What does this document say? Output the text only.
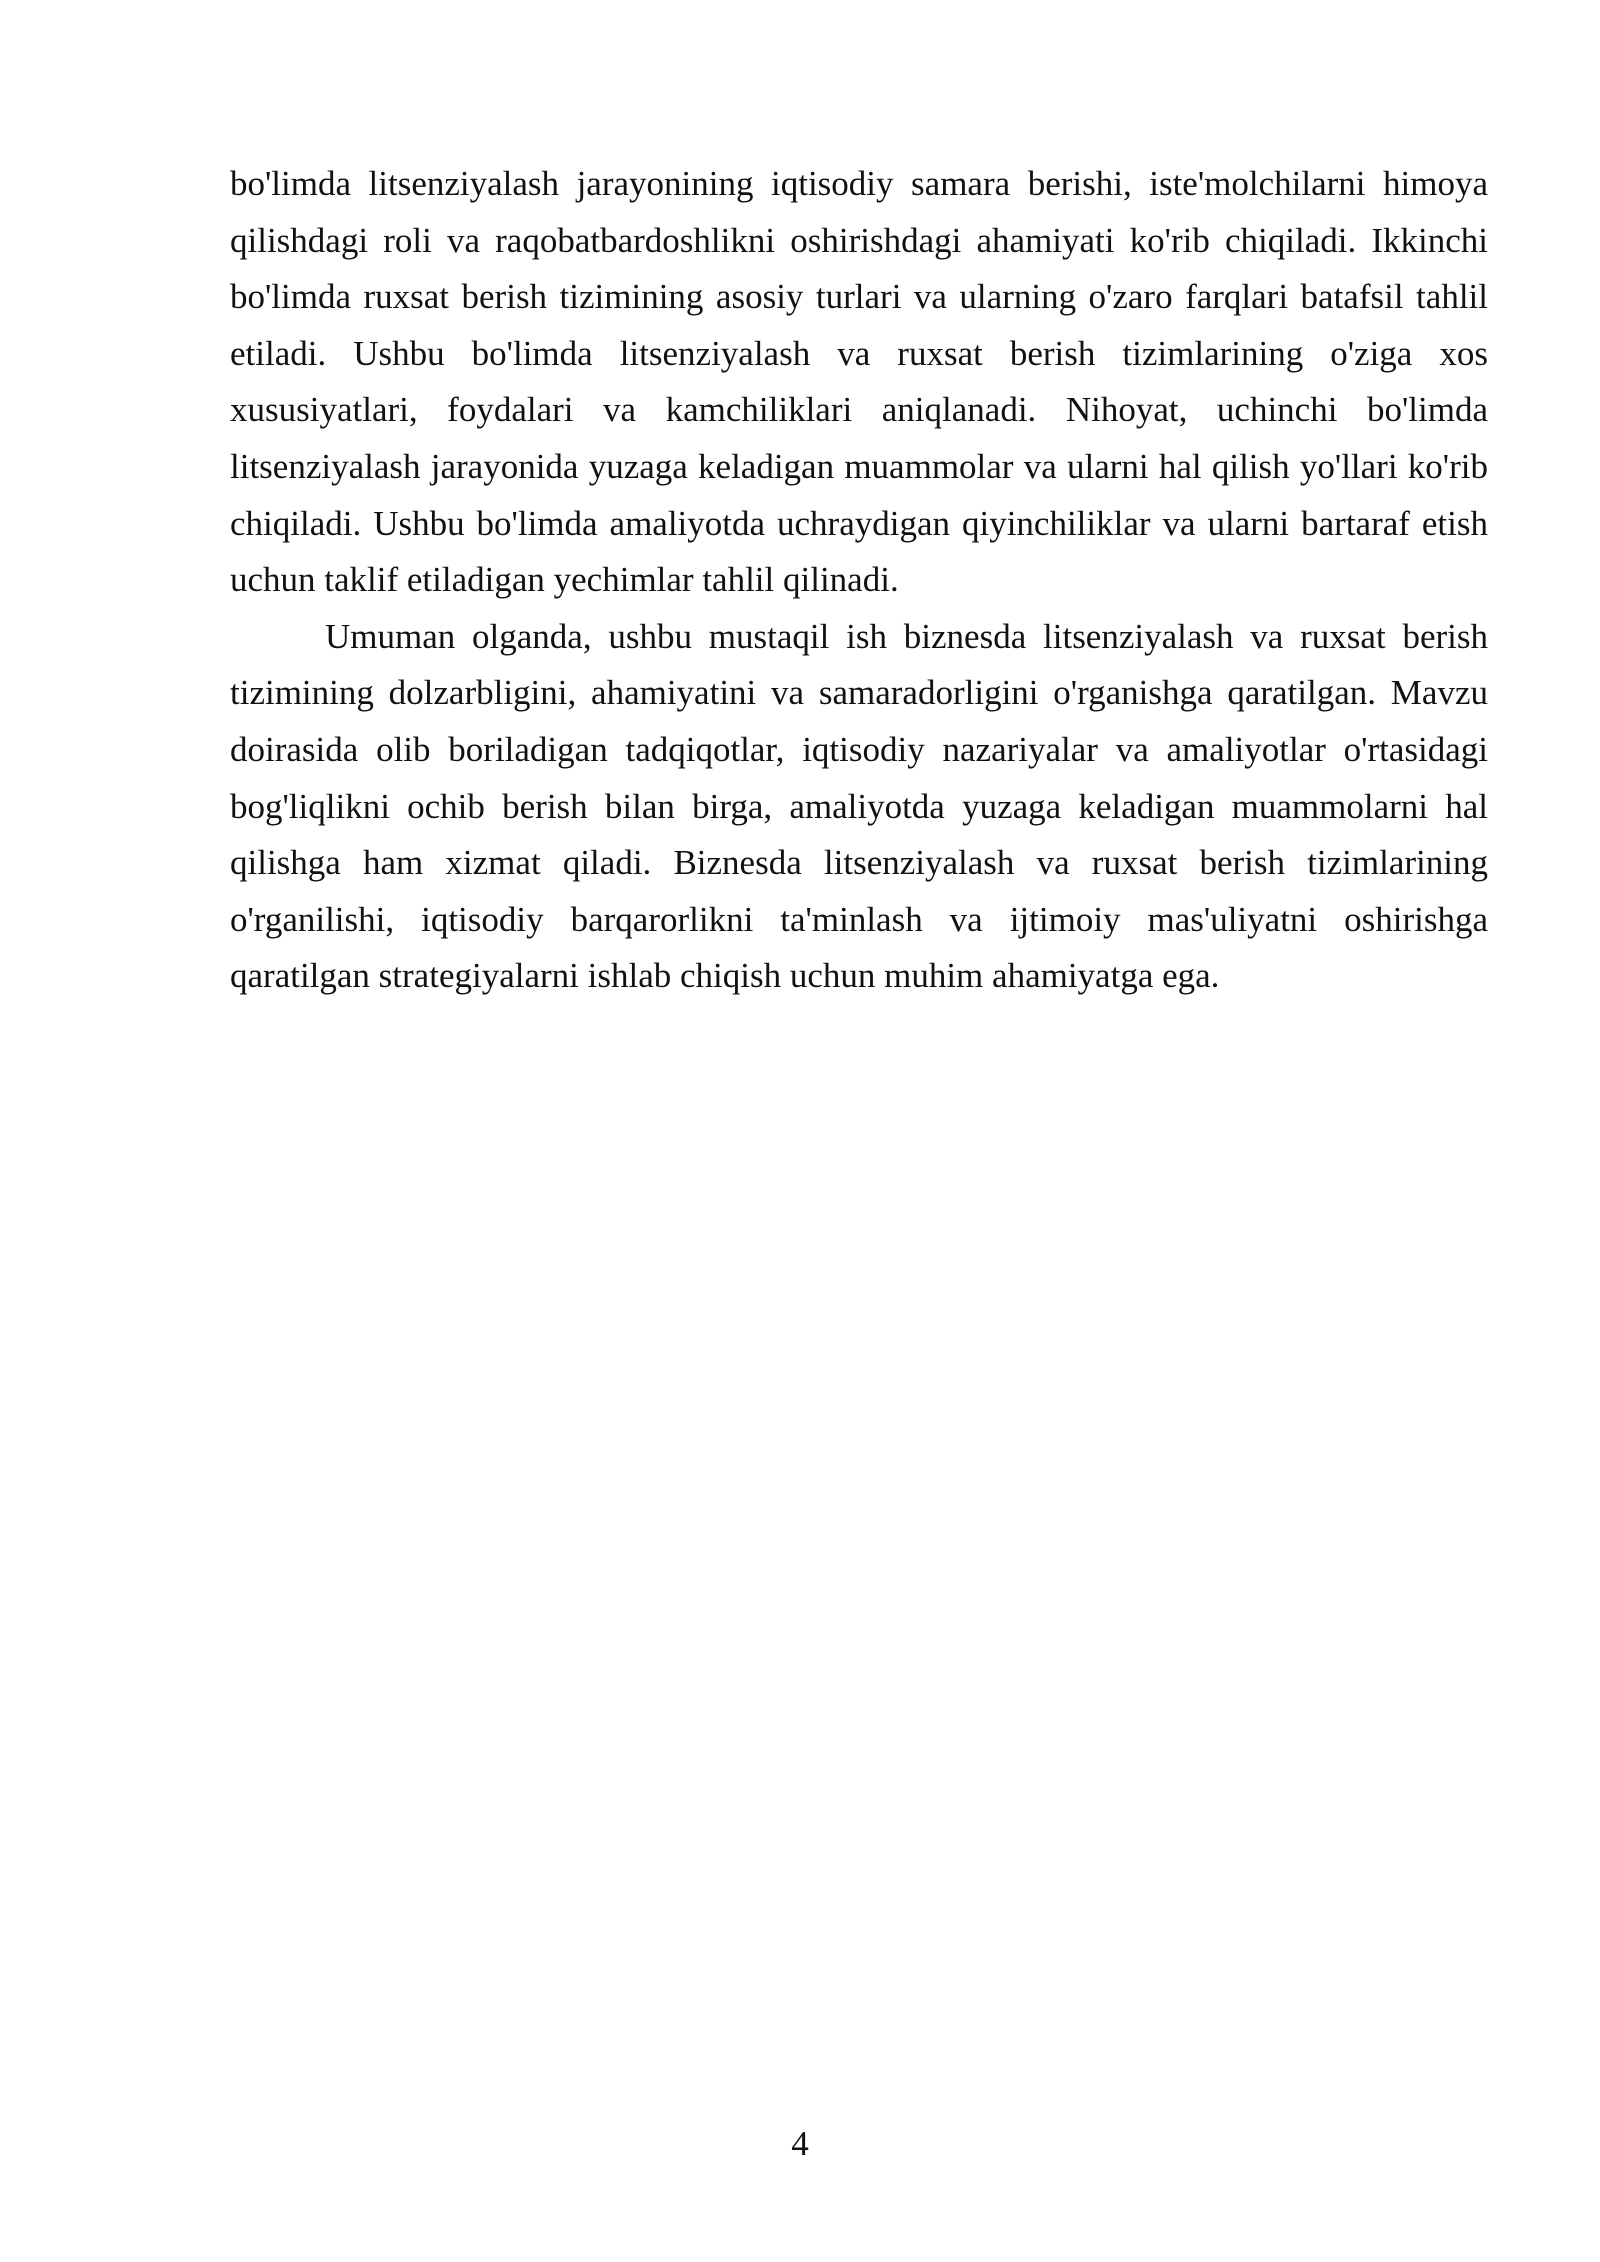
bo'limda litsenziyalash jarayonining iqtisodiy samara berishi, iste'molchilarni himoya qilishdagi roli va raqobatbardoshlikni oshirishdagi ahamiyati ko'rib chiqiladi. Ikkinchi bo'limda ruxsat berish tizimining asosiy turlari va ularning o'zaro farqlari batafsil tahlil etiladi. Ushbu bo'limda litsenziyalash va ruxsat berish tizimlarining o'ziga xos xususiyatlari, foydalari va kamchiliklari aniqlanadi. Nihoyat, uchinchi bo'limda litsenziyalash jarayonida yuzaga keladigan muammolar va ularni hal qilish yo'llari ko'rib chiqiladi. Ushbu bo'limda amaliyotda uchraydigan qiyinchiliklar va ularni bartaraf etish uchun taklif etiladigan yechimlar tahlil qilinadi.

Umuman olganda, ushbu mustaqil ish biznesda litsenziyalash va ruxsat berish tizimining dolzarbligini, ahamiyatini va samaradorligini o'rganishga qaratilgan. Mavzu doirasida olib boriladigan tadqiqotlar, iqtisodiy nazariyalar va amaliyotlar o'rtasidagi bog'liqlikni ochib berish bilan birga, amaliyotda yuzaga keladigan muammolarni hal qilishga ham xizmat qiladi. Biznesda litsenziyalash va ruxsat berish tizimlarining o'rganilishi, iqtisodiy barqarorlikni ta'minlash va ijtimoiy mas'uliyatni oshirishga qaratilgan strategiyalarni ishlab chiqish uchun muhim ahamiyatga ega.

4
